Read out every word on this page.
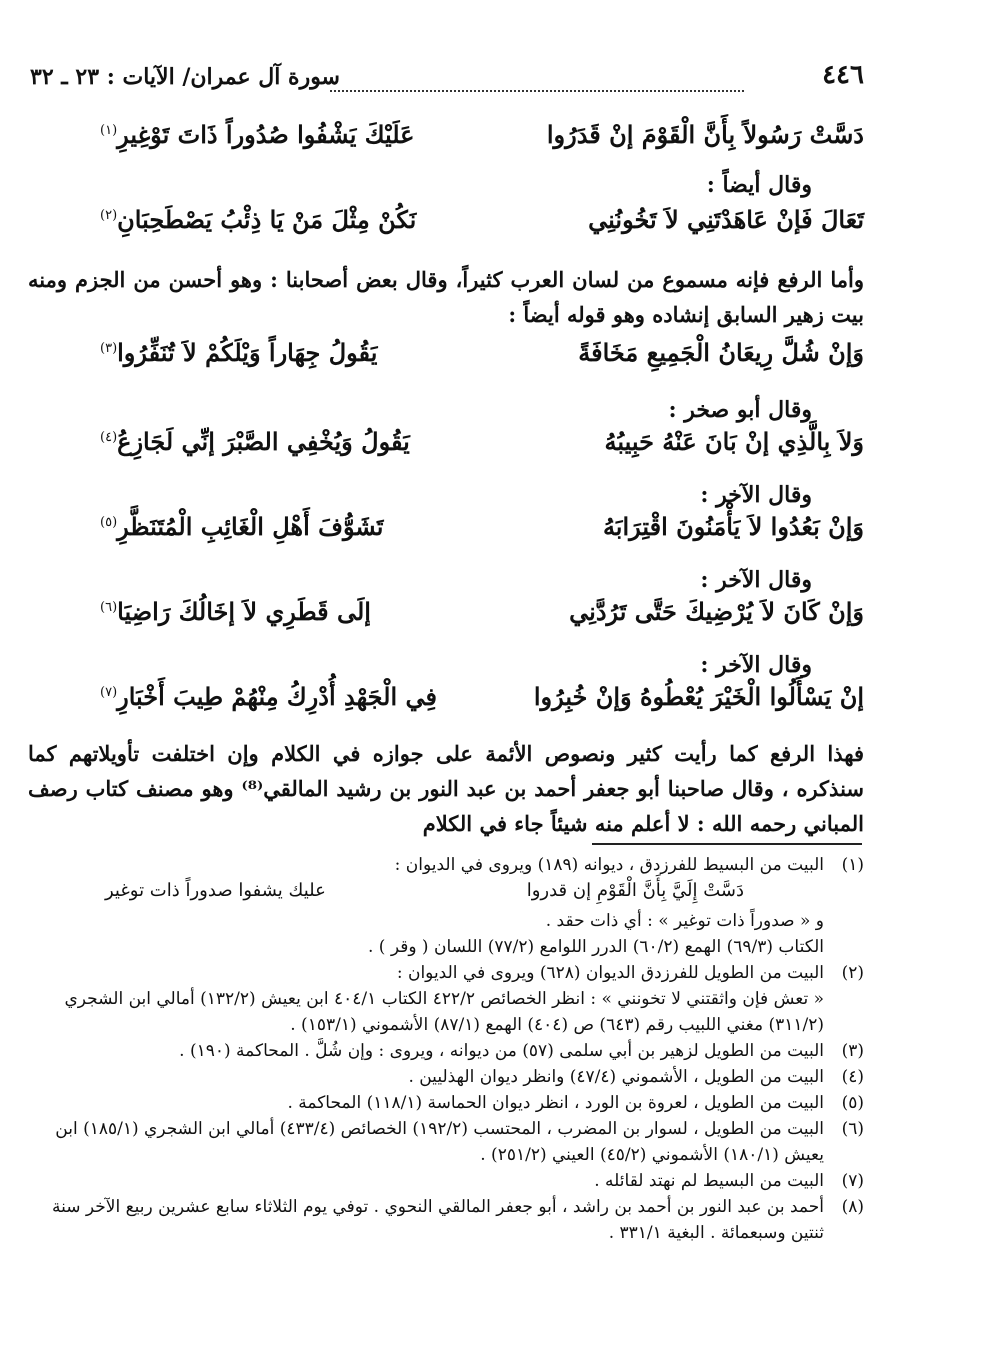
٤٤٦
سورة آل عمران/ الآيات : ٢٣ ـ ٣٢
دَسَّتْ رَسُولاً بِأَنَّ الْقَوْمَ إنْ قَدَرُوا
عَلَيْكَ يَشْفُوا صُدُوراً ذَاتَ تَوْغِيرِ$^{(١)}$
وقال أيضاً :
تَعَالَ فَإنْ عَاهَدْتَنِي لاَ تَخُونُنِي
نَكُنْ مِثْلَ مَنْ يَا ذِئْبُ يَصْطَحِبَانِ$^{(٢)}$
وأما الرفع فإنه مسموع من لسان العرب كثيراً، وقال بعض أصحابنا : وهو أحسن من الجزم ومنه بيت زهير السابق إنشاده وهو قوله أيضاً :
وَإنْ شُلَّ رِيعَانُ الْجَمِيعِ مَخَافَةً
يَقُولُ جِهَاراً وَيْلَكُمْ لاَ تُنَفِّرُوا$^{(٣)}$
وقال أبو صخر :
وَلاَ بِالَّذِي إنْ بَانَ عَنْهُ حَبِيبُهُ
يَقُولُ وَيُخْفِي الصَّبْرَ إنِّي لَجَازِعُ$^{(٤)}$
وقال الآخر :
وَإنْ بَعُدُوا لاَ يَأْمَنُونَ اقْتِرَابَهُ
تَشَوُّفَ أَهْلِ الْغَائِبِ الْمُتَنَظَّرِ$^{(٥)}$
وقال الآخر :
وَإنْ كَانَ لاَ يُرْضِيكَ حَتَّى تَرُدَّنِي
إلَى قَطَرِي لاَ إخَالُكَ رَاضِيَا$^{(٦)}$
وقال الآخر :
إنْ يَسْأَلُوا الْخَيْرَ يُعْطُوهُ وَإنْ خُبِرُوا
فِي الْجَهْدِ أُدْرِكُ مِنْهُمْ طِيبَ أَخْبَارِ$^{(٧)}$
فهذا الرفع كما رأيت كثير ونصوص الأئمة على جوازه في الكلام وإن اختلفت تأويلاتهم كما سنذكره ، وقال صاحبنا أبو جعفر أحمد بن عبد النور بن رشيد المالقي⁽⁸⁾ وهو مصنف كتاب رصف المباني رحمه الله : لا أعلم منه شيئاً جاء في الكلام
(١)
البيت من البسيط للفرزدق ، ديوانه (١٨٩) ويروى في الديوان :
دَسَّتْ إِلَيَّ بِأَنَّ الْقَوْمِ إن قدروا
عليك يشفوا صدوراً ذات توغير
و « صدوراً ذات توغير » : أي ذات حقد .
الكتاب (٦٩/٣) الهمع (٦٠/٢) الدرر اللوامع (٧٧/٢) اللسان ( وقر ) .
(٢)
البيت من الطويل للفرزدق الديوان (٦٢٨) ويروى في الديوان :
« تعش فإن واثقتني لا تخونني » : انظر الخصائص ٤٢٢/٢ الكتاب ٤٠٤/١ ابن يعيش (١٣٢/٢) أمالي ابن الشجري (٣١١/٢) مغني اللبيب رقم (٦٤٣) ص (٤٠٤) الهمع (٨٧/١) الأشموني (١٥٣/١) .
(٣)
البيت من الطويل لزهير بن أبي سلمى (٥٧) من ديوانه ، ويروى : وإن شُلَّ . المحاكمة (١٩٠) .
(٤)
البيت من الطويل ، الأشموني (٤٧/٤) وانظر ديوان الهذليين .
(٥)
البيت من الطويل ، لعروة بن الورد ، انظر ديوان الحماسة (١١٨/١) المحاكمة .
(٦)
البيت من الطويل ، لسوار بن المضرب ، المحتسب (١٩٢/٢) الخصائص (٤٣٣/٤) أمالي ابن الشجري (١٨٥/١) ابن يعيش (١٨٠/١) الأشموني (٤٥/٢) العيني (٢٥١/٢) .
(٧)
البيت من البسيط لم نهتد لقائله .
(٨)
أحمد بن عبد النور بن أحمد بن راشد ، أبو جعفر المالقي النحوي . توفي يوم الثلاثاء سابع عشرين ربيع الآخر سنة ثنتين وسبعمائة . البغية ٣٣١/١ .
